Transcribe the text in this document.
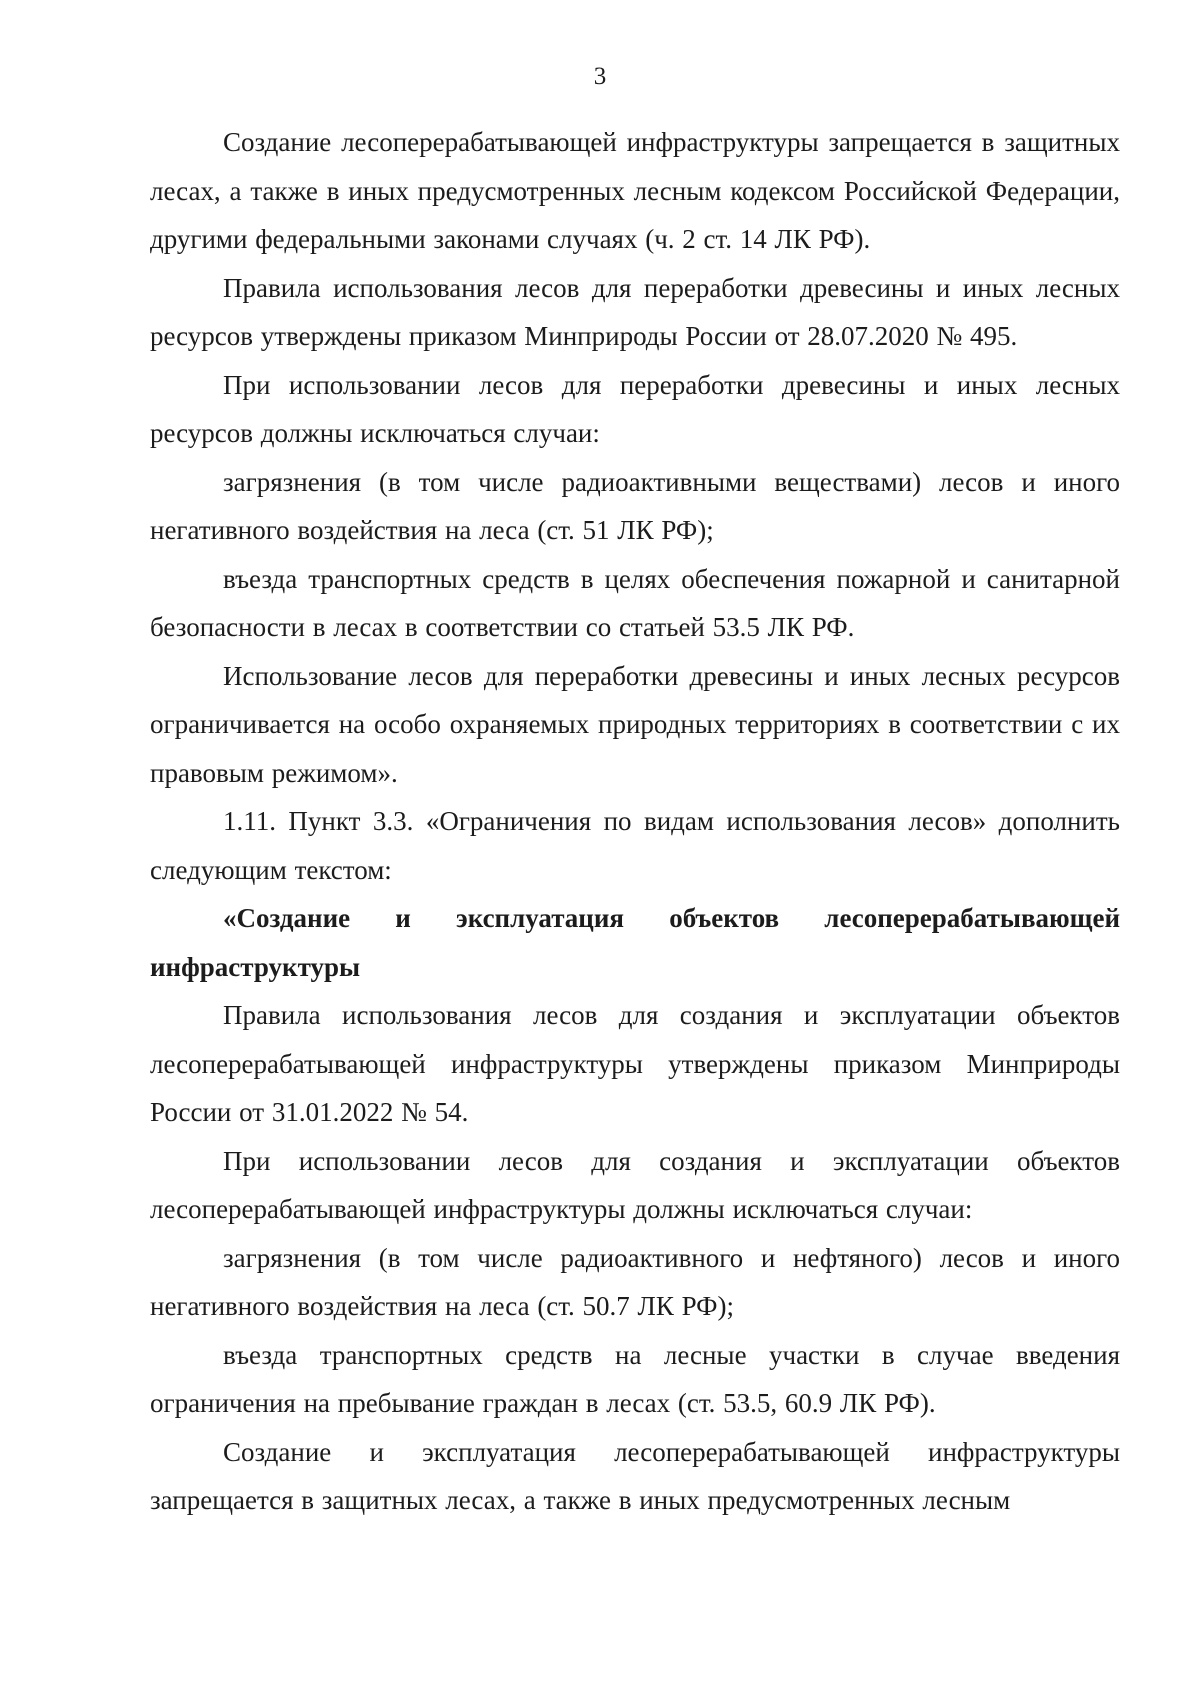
3

Создание лесоперерабатывающей инфраструктуры запрещается в защитных лесах, а также в иных предусмотренных лесным кодексом Российской Федерации, другими федеральными законами случаях (ч. 2 ст. 14 ЛК РФ).

Правила использования лесов для переработки древесины и иных лесных ресурсов утверждены приказом Минприроды России от 28.07.2020 № 495.

При использовании лесов для переработки древесины и иных лесных ресурсов должны исключаться случаи:

загрязнения (в том числе радиоактивными веществами) лесов и иного негативного воздействия на леса (ст. 51 ЛК РФ);

въезда транспортных средств в целях обеспечения пожарной и санитарной безопасности в лесах в соответствии со статьей 53.5 ЛК РФ.

Использование лесов для переработки древесины и иных лесных ресурсов ограничивается на особо охраняемых природных территориях в соответствии с их правовым режимом».

1.11. Пункт 3.3. «Ограничения по видам использования лесов» дополнить следующим текстом:

«Создание и эксплуатация объектов лесоперерабатывающей инфраструктуры

Правила использования лесов для создания и эксплуатации объектов лесоперерабатывающей инфраструктуры утверждены приказом Минприроды России от 31.01.2022 № 54.

При использовании лесов для создания и эксплуатации объектов лесоперерабатывающей инфраструктуры должны исключаться случаи:

загрязнения (в том числе радиоактивного и нефтяного) лесов и иного негативного воздействия на леса (ст. 50.7 ЛК РФ);

въезда транспортных средств на лесные участки в случае введения ограничения на пребывание граждан в лесах (ст. 53.5, 60.9 ЛК РФ).

Создание и эксплуатация лесоперерабатывающей инфраструктуры запрещается в защитных лесах, а также в иных предусмотренных лесным
